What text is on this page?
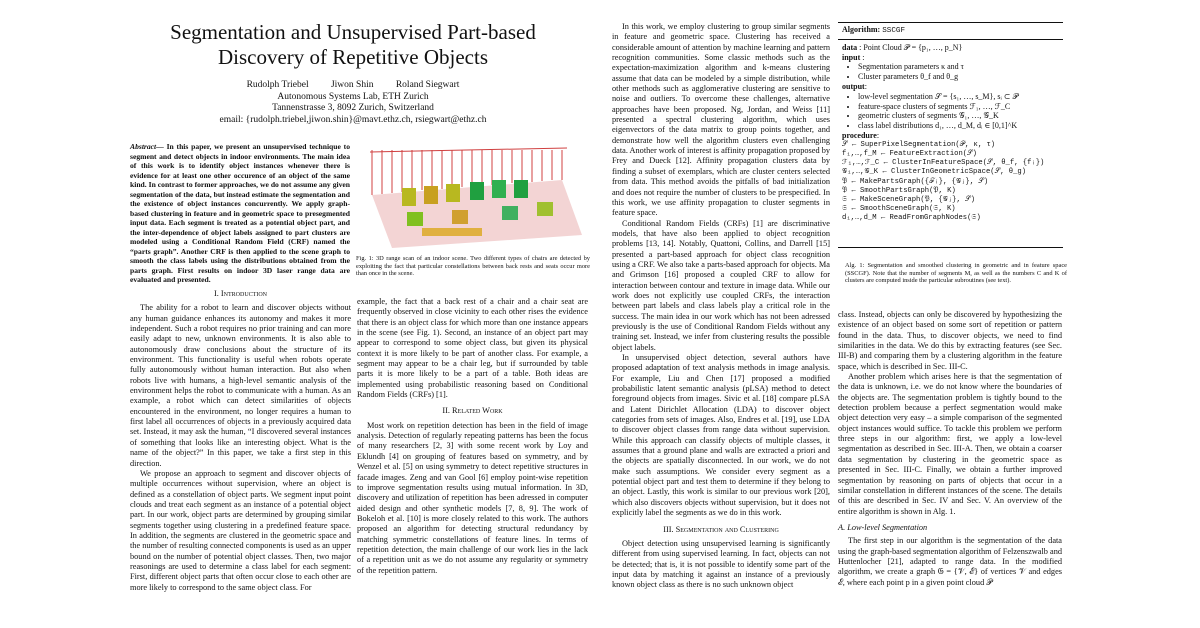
Segmentation and Unsupervised Part-based Discovery of Repetitive Objects
Rudolph Triebel Jiwon Shin Roland Siegwart
Autonomous Systems Lab, ETH Zurich
Tannenstrasse 3, 8092 Zurich, Switzerland
email: {rudolph.triebel,jiwon.shin}@mavt.ethz.ch, rsiegwart@ethz.ch
Abstract— In this paper, we present an unsupervised technique to segment and detect objects in indoor environments. The main idea of this work is to identify object instances whenever there is evidence for at least one other occurence of an object of the same kind. In contrast to former approaches, we do not assume any given segmentation of the data, but instead estimate the segmentation and the existence of object instances concurrently. We apply graph-based clustering in feature and in geometric space to presegmented input data. Each segment is treated as a potential object part, and the inter-dependence of object labels assigned to part clusters are modeled using a Conditional Random Field (CRF) named the “parts graph”. Another CRF is then applied to the scene graph to smooth the class labels using the distributions obtained from the parts graph. First results on indoor 3D laser range data are evaluated and presented.
Fig. 1: 3D range scan of an indoor scene. Two different types of chairs are detected by exploiting the fact that particular constellations between back rests and seats occur more than once in the scene.
I. Introduction

The ability for a robot to learn and discover objects without any human guidance enhances its autonomy and makes it more independent. Such a robot requires no prior training and can more easily adapt to new, unknown environments. It is also able to autonomously draw conclusions about the structure of its environment. This functionality is useful when robots operate fully autonomously without human interaction. But also when robots live with humans, a high-level semantic analysis of the environment helps the robot to communicate with a human. As an example, a robot which can detect similarities of objects encountered in the environment, no longer requires a human to first label all occurrences of objects in a previously acquired data set. Instead, it may ask the human, “I discovered several instances of something that looks like an interesting object. What is the name of the object?” In this paper, we take a first step in this direction.

We propose an approach to segment and discover objects of multiple occurrences without supervision, where an object is defined as a constellation of object parts. We segment input point clouds and treat each segment as an instance of a potential object part. In our work, object parts are determined by grouping similar segments together using clustering in a predefined feature space. In addition, the segments are clustered in the geometric space and the number of resulting connected components is used as an upper bound on the number of potential object classes. Then, two major reasonings are used to determine a class label for each segment: First, different object parts that often occur close to each other are more likely to correspond to the same object class. For

example, the fact that a back rest of a chair and a chair seat are frequently observed in close vicinity to each other rises the evidence that there is an object class for which more than one instance appears in the scene (see Fig. 1). Second, an instance of an object part may appear to correspond to some object class, but given its physical context it is more likely to be part of another class. For example, a segment may appear to be a chair leg, but if surrounded by table parts it is more likely to be a part of a table. Both ideas are implemented using probabilistic reasoning based on Conditional Random Fields (CRFs) [1].

II. Related Work

Most work on repetition detection has been in the field of image analysis. Detection of regularly repeating patterns has been the focus of many researchers [2, 3] with some recent work by Loy and Eklundh [4] on grouping of features based on symmetry, and by Wenzel et al. [5] on using symmetry to detect repetitive structures in facade images. Zeng and van Gool [6] employ point-wise repetition to improve segmentation results using mutual information. In 3D, discovery and utilization of repetition has been adressed in computer aided design and other synthetic models [7, 8, 9]. The work of Bokeloh et al. [10] is more closely related to this work. The authors proposed an algorithm for detecting structural redundancy by matching symmetric constellations of feature lines. In terms of repetition detection, the main challenge of our work lies in the lack of a repetition unit as we do not assume any regularity or symmetry of the repetition pattern.

In this work, we employ clustering to group similar segments in feature and geometric space. Clustering has received a considerable amount of attention by machine learning and pattern recognition communities. Some classic methods such as the expectation-maximization algorithm and k-means clustering assume that data can be modeled by a simple distribution, while other methods such as agglomerative clustering are sensitive to noise and outliers. To overcome these challenges, alternative approaches have been proposed. Ng, Jordan, and Weiss [11] presented a spectral clustering algorithm, which uses eigenvectors of the data matrix to group points together, and demonstrate how well the algorithm clusters even challenging data. Another work of interest is affinity propagation proposed by Frey and Dueck [12]. Affinity propagation clusters data by finding a subset of exemplars, which are cluster centers selected from data. This method avoids the pitfalls of bad initialization and does not require the number of clusters to be prespecified. In this work, we use affinity propagation to cluster segments in feature space.

Conditional Random Fields (CRFs) [1] are discriminative models, that have also been applied to object recognition problems [13, 14]. Notably, Quattoni, Collins, and Darrell [15] presented a part-based approach for object class recognition using a CRF. We also take a parts-based approach for objects. Ma and Grimson [16] proposed a coupled CRF to allow for interaction between contour and texture in image data. While our work does not explicitly use coupled CRFs, the interaction between part labels and class labels play a critical role in the success. The main idea in our work which has not been adressed previously is the use of Conditional Random Fields without any training set. Instead, we infer from clustering results the possible object labels.

In unsupervised object detection, several authors have proposed adaptation of text analysis methods in image analysis. For example, Liu and Chen [17] proposed a modified probabilistic latent semantic analysis (pLSA) method to detect foreground objects from images. Sivic et al. [18] compare pLSA and Latent Dirichlet Allocation (LDA) to discover object categories from sets of images. Also, Endres et al. [19], use LDA to discover object classes from range data without supervision. While this approach can classify objects of multiple classes, it assumes that a ground plane and walls are extracted a priori and the objects are spatially disconnected. In our work, we do not make such assumptions. We consider every segment as a potential object part and test them to determine if they belong to an object. Lastly, this work is similar to our previous work [20], which also discovers objects without supervision, but it does not explicitly label the segments as we do in this work.

III. Segmentation and Clustering

Object detection using unsupervised learning is significantly different from using supervised learning. In fact, objects can not be detected; that is, it is not possible to identify some part of the input data by matching it against an instance of a previously known object class as there is no such unknown object

Algorithm: SSCGF
data : Point Cloud 𝒫 = {p₁, …, p_N}
input :
• Segmentation parameters κ and τ
• Cluster parameters θ_f and θ_g
output:
• low-level segmentation 𝒮 = {s₁, …, s_M}, sᵢ ⊂ 𝒫
• feature-space clusters of segments ℱ₁, …, ℱ_C
• geometric clusters of segments 𝒢₁, …, 𝒢_K
• class label distributions d₁, …, d_M, dᵢ ∈ [0,1]^K
procedure:
𝒮 ← SuperPixelSegmentation(𝒫, κ, τ)
f₁,…,f_M ← FeatureExtraction(𝒮)
ℱ₁,…,ℱ_C ← ClusterInFeatureSpace(𝒮, θ_f, {fᵢ})
𝒢₁,…,𝒢_K ← ClusterInGeometricSpace(𝒮, θ_g)
𝔓 ← MakePartsGraph({ℱᵢ}, {𝒢ⱼ}, 𝒮)
𝔓 ← SmoothPartsGraph(𝔓, K)
𝔖 ← MakeSceneGraph(𝔓, {𝒢ⱼ}, 𝒮)
𝔖 ← SmoothSceneGraph(𝔖, K)
d₁,…,d_M ← ReadFromGraphNodes(𝔖)
Alg. 1: Segmentation and smoothed clustering in geometric and in feature space (SSCGF). Note that the number of segments M, as well as the numbers C and K of clusters are computed inside the particular subroutines (see text).

class. Instead, objects can only be discovered by hypothesizing the existence of an object based on some sort of repetition or pattern found in the data. Thus, to discover objects, we need to find similarities in the data. We do this by extracting features (see Sec. III-B) and comparing them by a clustering algorithm in the feature space, which is described in Sec. III-C.

Another problem which arises here is that the segmentation of the data is unknown, i.e. we do not know where the boundaries of the objects are. The segmentation problem is tightly bound to the detection problem because a perfect segmentation would make object detection very easy – a simple comparison of the segmented object instances would suffice. To tackle this problem we perform three steps in our algorithm: first, we apply a low-level segmentation as described in Sec. III-A. Then, we obtain a coarser data segmentation by clustering in the geometric space as presented in Sec. III-C. Finally, we obtain a further improved segmentation by reasoning on parts of objects that occur in a similar constellation in different instances of the scene. The details of this are described in Sec. IV and Sec. V. An overview of the entire algorithm is shown in Alg. 1.

A. Low-level Segmentation

The first step in our algorithm is the segmentation of the data using the graph-based segmentation algorithm of Felzenszwalb and Huttenlocher [21], adapted to range data. In the modified algorithm, we create a graph 𝔊 = {𝒱, ℰ} of vertices 𝒱 and edges ℰ, where each point p in a given point cloud 𝒫
